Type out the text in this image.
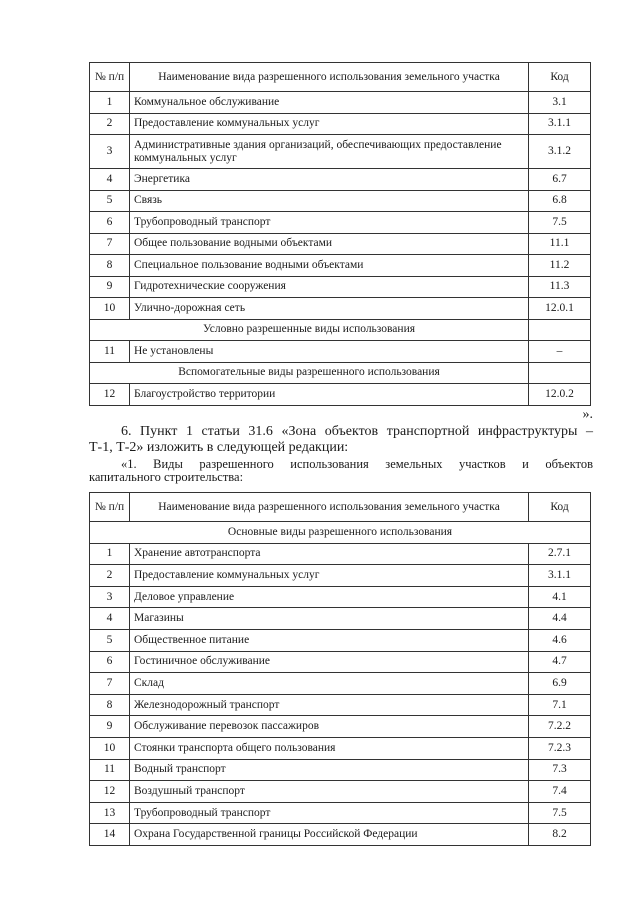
№ п/п	Наименование вида разрешенного использования земельного участка	Код
1	Коммунальное обслуживание	3.1
2	Предоставление коммунальных услуг	3.1.1
3	Административные здания организаций, обеспечивающих предоставление коммунальных услуг	3.1.2
4	Энергетика	6.7
5	Связь	6.8
6	Трубопроводный транспорт	7.5
7	Общее пользование водными объектами	11.1
8	Специальное пользование водными объектами	11.2
9	Гидротехнические сооружения	11.3
10	Улично-дорожная сеть	12.0.1
Условно разрешенные виды использования		
11	Не установлены	–
Вспомогательные виды разрешенного использования		
12	Благоустройство территории	12.0.2
».
6. Пункт 1 статьи 31.6 «Зона объектов транспортной инфраструктуры –
Т-1, Т-2» изложить в следующей редакции:
«1. Виды разрешенного использования земельных участков и объектов
капитального строительства:
№ п/п	Наименование вида разрешенного использования земельного участка	Код
Основные виды разрешенного использования		
1	Хранение автотранспорта	2.7.1
2	Предоставление коммунальных услуг	3.1.1
3	Деловое управление	4.1
4	Магазины	4.4
5	Общественное питание	4.6
6	Гостиничное обслуживание	4.7
7	Склад	6.9
8	Железнодорожный транспорт	7.1
9	Обслуживание перевозок пассажиров	7.2.2
10	Стоянки транспорта общего пользования	7.2.3
11	Водный транспорт	7.3
12	Воздушный транспорт	7.4
13	Трубопроводный транспорт	7.5
14	Охрана Государственной границы Российской Федерации	8.2
